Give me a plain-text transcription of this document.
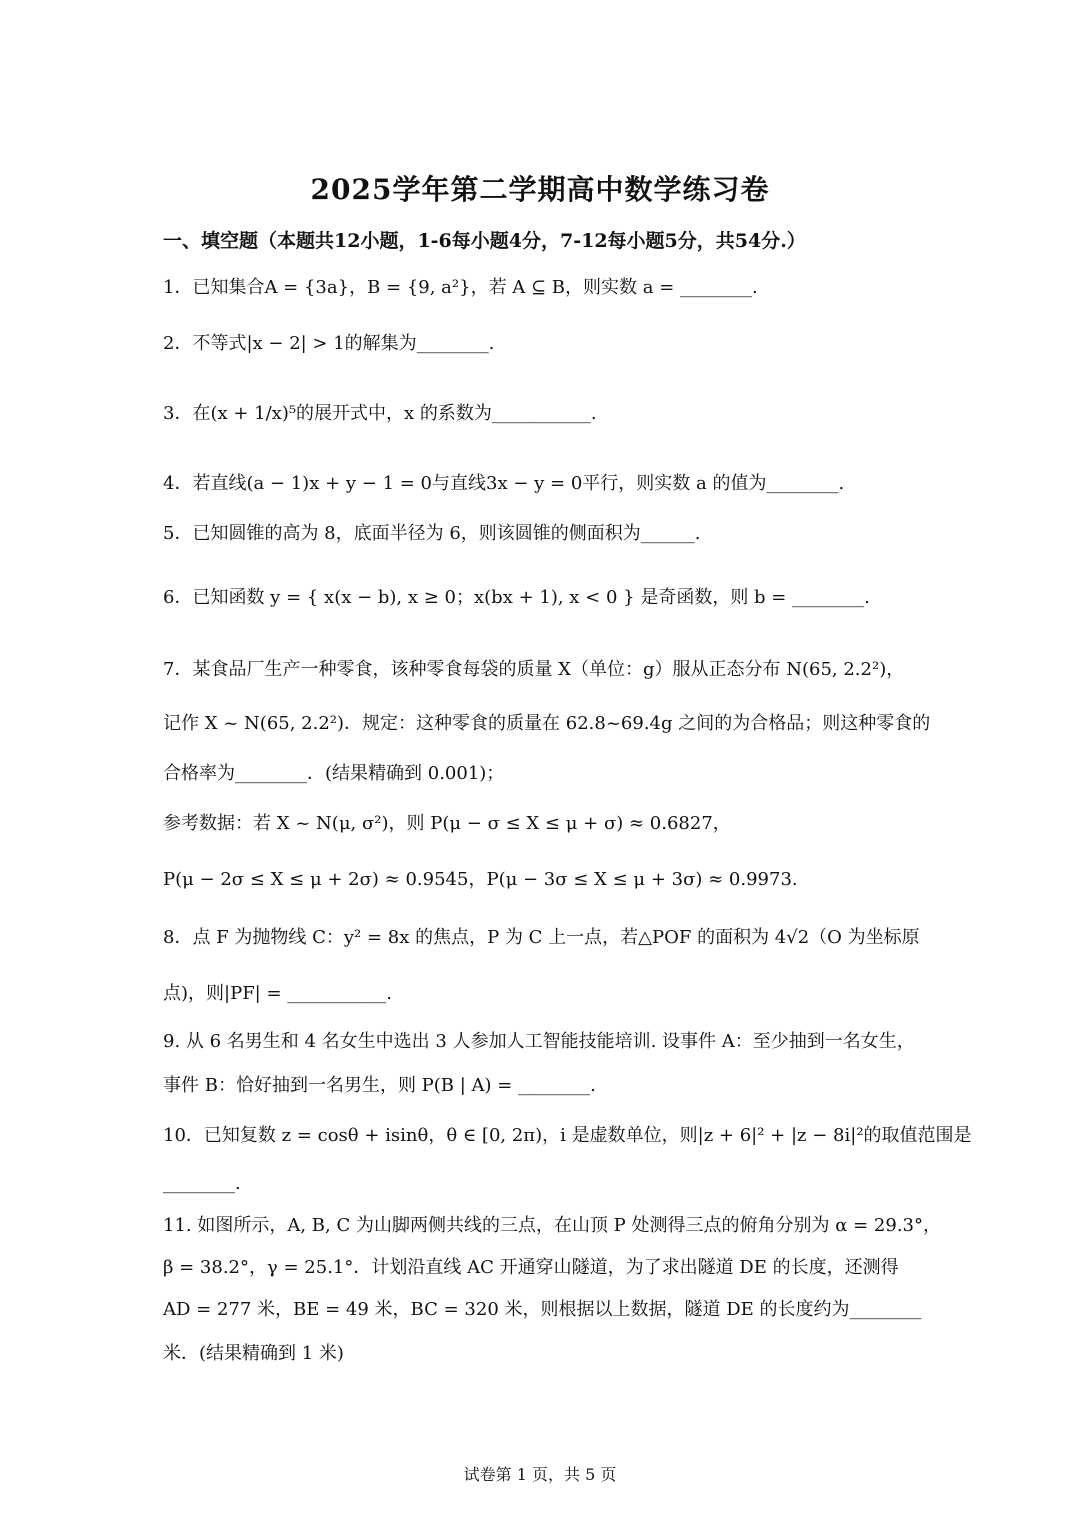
2025学年第二学期高中数学练习卷
一、填空题（本题共12小题，1-6每小题4分，7-12每小题5分，共54分.）
1．已知集合A = {3a}，B = {9, a²}，若 A ⊆ B，则实数 a = ________.
2．不等式|x − 2| > 1的解集为________.
3．在(x + 1/x)⁵的展开式中，x 的系数为___________.
4．若直线(a − 1)x + y − 1 = 0与直线3x − y = 0平行，则实数 a 的值为________.
5．已知圆锥的高为 8，底面半径为 6，则该圆锥的侧面积为______.
6．已知函数 y = { x(x − b), x ≥ 0；x(bx + 1), x < 0 } 是奇函数，则 b = ________.
7．某食品厂生产一种零食，该种零食每袋的质量 X（单位：g）服从正态分布 N(65, 2.2²)，
记作 X ~ N(65, 2.2²)．规定：这种零食的质量在 62.8~69.4g 之间的为合格品；则这种零食的
合格率为________．(结果精确到 0.001)；
参考数据：若 X ~ N(μ, σ²)，则 P(μ − σ ≤ X ≤ μ + σ) ≈ 0.6827，
P(μ − 2σ ≤ X ≤ μ + 2σ) ≈ 0.9545，P(μ − 3σ ≤ X ≤ μ + 3σ) ≈ 0.9973.
8．点 F 为抛物线 C：y² = 8x 的焦点，P 为 C 上一点，若△POF 的面积为 4√2（O 为坐标原
点)，则|PF| = ___________.
9. 从 6 名男生和 4 名女生中选出 3 人参加人工智能技能培训. 设事件 A：至少抽到一名女生，
事件 B：恰好抽到一名男生，则 P(B | A) = ________.
10．已知复数 z = cosθ + isinθ，θ ∈ [0, 2π)，i 是虚数单位，则|z + 6|² + |z − 8i|²的取值范围是
________.
11. 如图所示，A, B, C 为山脚两侧共线的三点，在山顶 P 处测得三点的俯角分别为 α = 29.3°，
β = 38.2°，γ = 25.1°．计划沿直线 AC 开通穿山隧道，为了求出隧道 DE 的长度，还测得
AD = 277 米，BE = 49 米，BC = 320 米，则根据以上数据，隧道 DE 的长度约为________
米．(结果精确到 1 米)
试卷第 1 页，共 5 页
